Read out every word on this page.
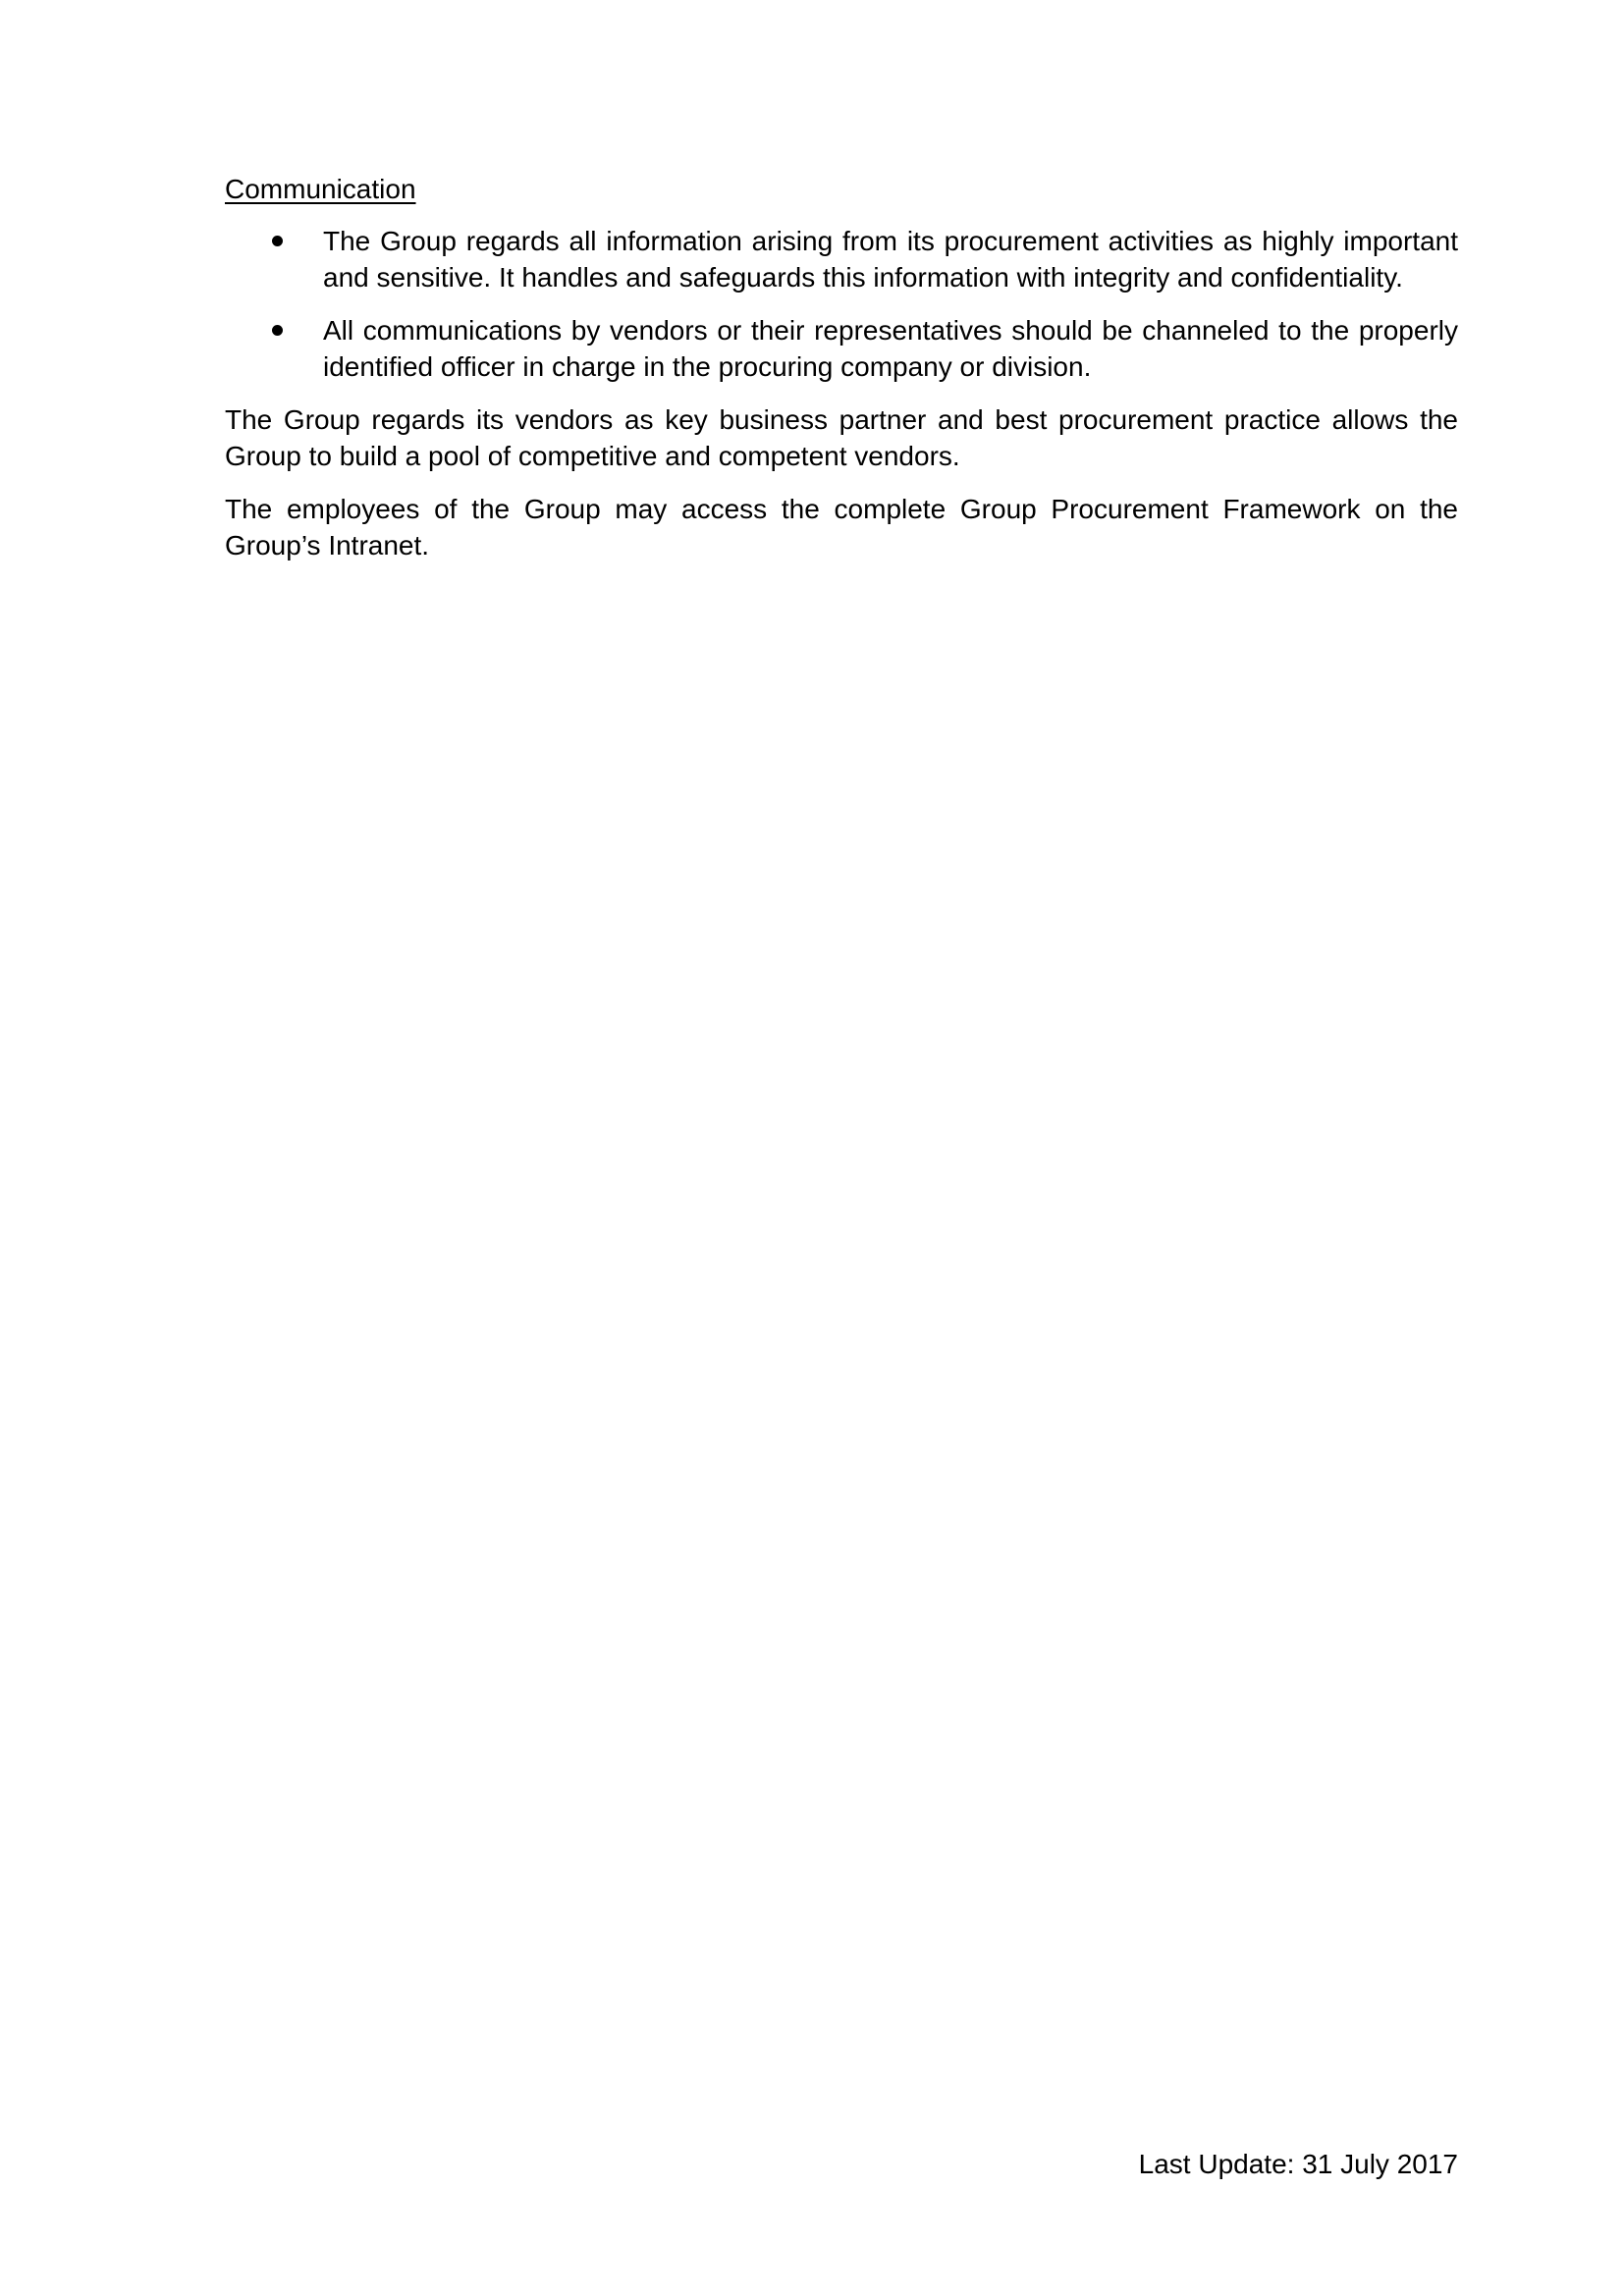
Communication

The Group regards all information arising from its procurement activities as highly important and sensitive. It handles and safeguards this information with integrity and confidentiality.
All communications by vendors or their representatives should be channeled to the properly identified officer in charge in the procuring company or division.

The Group regards its vendors as key business partner and best procurement practice allows the Group to build a pool of competitive and competent vendors.

The employees of the Group may access the complete Group Procurement Framework on the Group’s Intranet.

Last Update: 31 July 2017
